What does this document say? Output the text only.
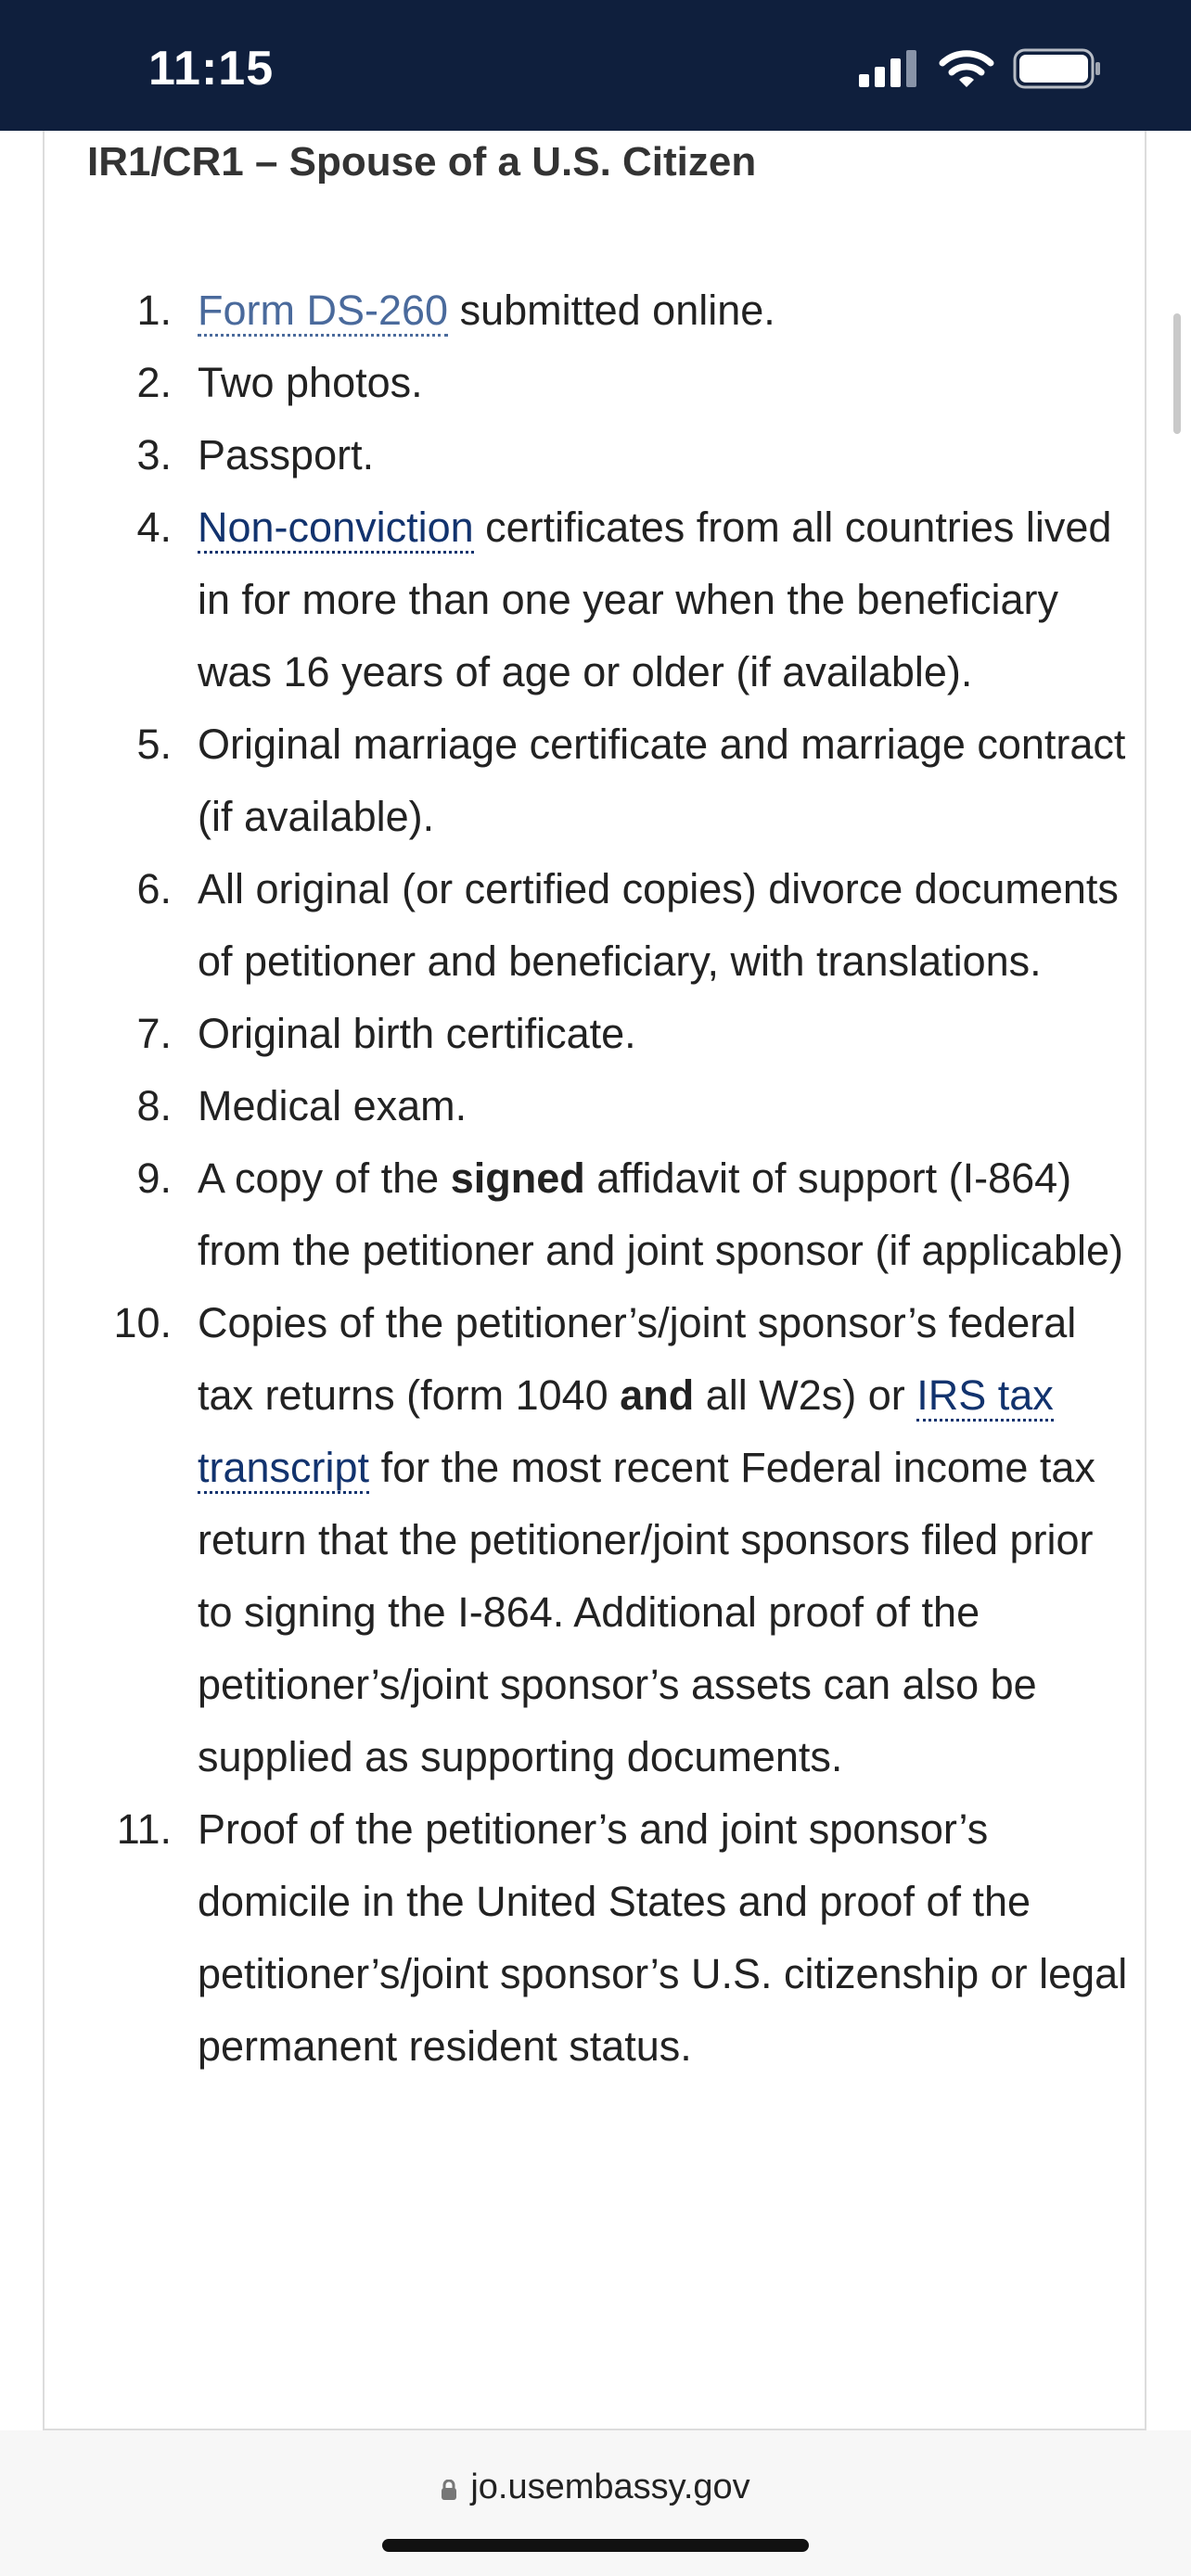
11:15
IR1/CR1 – Spouse of a U.S. Citizen
1. Form DS-260 submitted online.
2. Two photos.
3. Passport.
4. Non-conviction certificates from all countries lived in for more than one year when the beneficiary was 16 years of age or older (if available).
5. Original marriage certificate and marriage contract (if available).
6. All original (or certified copies) divorce documents of petitioner and beneficiary, with translations.
7. Original birth certificate.
8. Medical exam.
9. A copy of the signed affidavit of support (I-864) from the petitioner and joint sponsor (if applicable)
10. Copies of the petitioner’s/joint sponsor’s federal tax returns (form 1040 and all W2s) or IRS tax transcript for the most recent Federal income tax return that the petitioner/joint sponsors filed prior to signing the I-864. Additional proof of the petitioner’s/joint sponsor’s assets can also be supplied as supporting documents.
11. Proof of the petitioner’s and joint sponsor’s domicile in the United States and proof of the petitioner’s/joint sponsor’s U.S. citizenship or legal permanent resident status.
jo.usembassy.gov
